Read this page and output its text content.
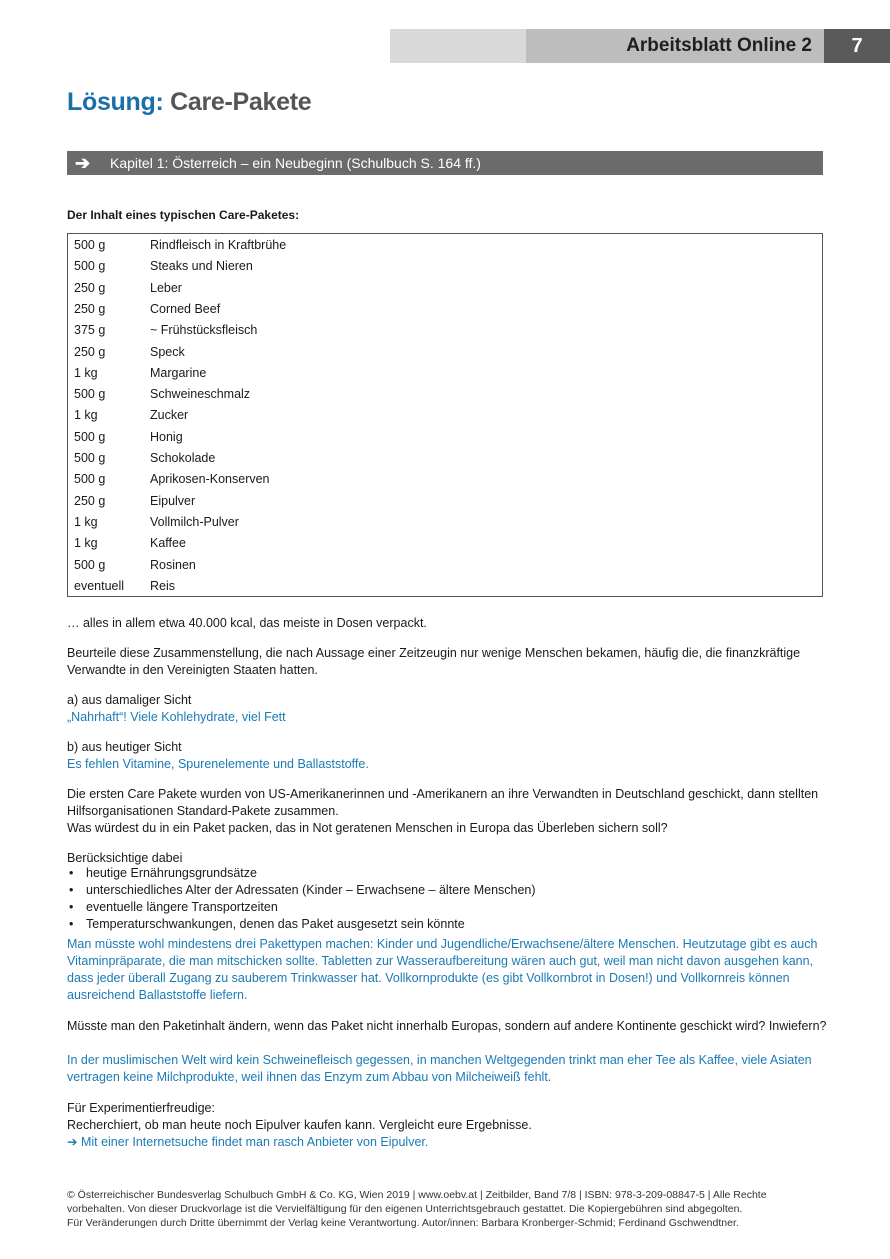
Arbeitsblatt Online 2	7
Lösung: Care-Pakete
➔ Kapitel 1: Österreich – ein Neubeginn (Schulbuch S. 164 ff.)
Der Inhalt eines typischen Care-Paketes:
500 g	Rindfleisch in Kraftbrühe
500 g	Steaks und Nieren
250 g	Leber
250 g	Corned Beef
375 g	~ Frühstücksfleisch
250 g	Speck
1 kg	Margarine
500 g	Schweineschmalz
1 kg	Zucker
500 g	Honig
500 g	Schokolade
500 g	Aprikosen-Konserven
250 g	Eipulver
1 kg	Vollmilch-Pulver
1 kg	Kaffee
500 g	Rosinen
eventuell Reis

… alles in allem etwa 40.000 kcal, das meiste in Dosen verpackt.

Beurteile diese Zusammenstellung, die nach Aussage einer Zeitzeugin nur wenige Menschen bekamen, häufig die, die finanzkräftige Verwandte in den Vereinigten Staaten hatten.

a) aus damaliger Sicht

„Nahrhaft“! Viele Kohlehydrate, viel Fett

b) aus heutiger Sicht

Es fehlen Vitamine, Spurenelemente und Ballaststoffe.

Die ersten Care Pakete wurden von US-Amerikanerinnen und -Amerikanern an ihre Verwandten in Deutschland geschickt, dann stellten Hilfsorganisationen Standard-Pakete zusammen.

Was würdest du in ein Paket packen, das in Not geratenen Menschen in Europa das Überleben sichern soll?

Berücksichtige dabei

• heutige Ernährungsgrundsätze
• unterschiedliches Alter der Adressaten (Kinder – Erwachsene – ältere Menschen)
• eventuelle längere Transportzeiten
• Temperaturschwankungen, denen das Paket ausgesetzt sein könnte

Man müsste wohl mindestens drei Pakettypen machen: Kinder und Jugendliche/Erwachsene/ältere Menschen. Heutzutage gibt es auch Vitaminpräparate, die man mitschicken sollte. Tabletten zur Wasseraufbereitung wären auch gut, weil man nicht davon ausgehen kann, dass jeder überall Zugang zu sauberem Trinkwasser hat. Vollkornprodukte (es gibt Vollkornbrot in Dosen!) und Vollkornreis können ausreichend Ballaststoffe liefern.

Müsste man den Paketinhalt ändern, wenn das Paket nicht innerhalb Europas, sondern auf andere Kontinente geschickt wird? Inwiefern?

In der muslimischen Welt wird kein Schweinefleisch gegessen, in manchen Weltgegenden trinkt man eher Tee als Kaffee, viele Asiaten vertragen keine Milchprodukte, weil ihnen das Enzym zum Abbau von Milcheiweiß fehlt.

Für Experimentierfreudige:

Recherchiert, ob man heute noch Eipulver kaufen kann. Vergleicht eure Ergebnisse.

➔ Mit einer Internetsuche findet man rasch Anbieter von Eipulver.

© Österreichischer Bundesverlag Schulbuch GmbH & Co. KG, Wien 2019 | www.oebv.at | Zeitbilder, Band 7/8 | ISBN: 978-3-209-08847-5 | Alle Rechte
vorbehalten. Von dieser Druckvorlage ist die Vervielfältigung für den eigenen Unterrichtsgebrauch gestattet. Die Kopiergebühren sind abgegolten.
Für Veränderungen durch Dritte übernimmt der Verlag keine Verantwortung. Autor/innen: Barbara Kronberger-Schmid; Ferdinand Gschwendtner.
